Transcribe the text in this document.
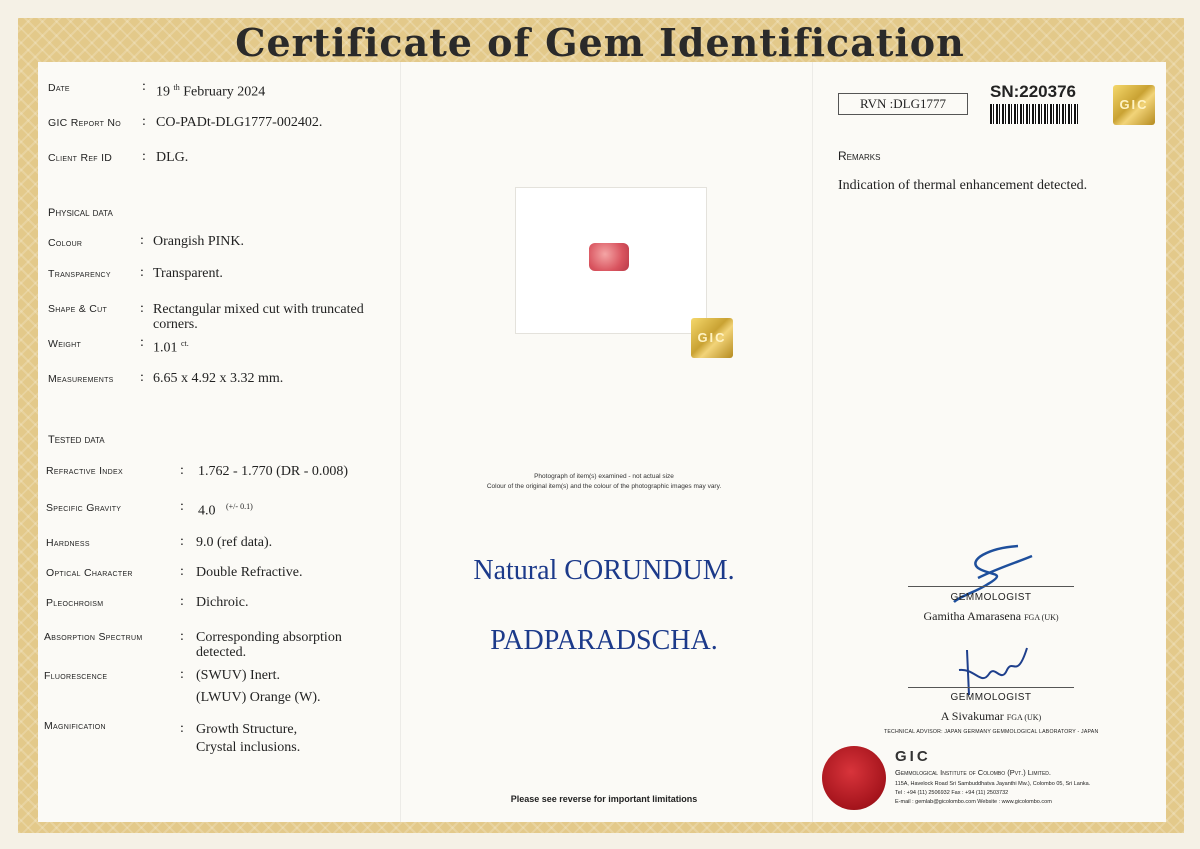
Certificate of Gem Identification
Date	: 19 $^{th}$ February 2024
GIC Report No : CO-PADt-DLG1777-002402.
Client Ref ID : DLG.
Physical data
Colour	: Orangish PINK.
Transparency : Transparent.
Shape & Cut : Rectangular mixed cut with truncated corners.
Weight	: 1.01 $^{ct.}$
Measurements : 6.65 x 4.92 x 3.32 mm.
Tested data
Refractive Index	: 1.762 - 1.770 (DR - 0.008)
Specific Gravity	: 4.0 $^{(+/- 0.1)}$
Hardness	: 9.0 (ref data).
Optical Character	: Double Refractive.
Pleochroism	: Dichroic.
Absorption Spectrum	: Corresponding absorption detected.
Fluorescence	: (SWUV) Inert.
(LWUV) Orange (W).
Magnification	: Growth Structure,
Crystal inclusions.
GIC
Photograph of item(s) examined - not actual size
Colour of the original item(s) and the colour of the photographic images may vary.
Natural CORUNDUM.
PADPARADSCHA.
Please see reverse for important limitations
RVN :DLG1777
SN:220376
GIC
Remarks
Indication of thermal enhancement detected.
GEMMOLOGIST
Gamitha Amarasena FGA (UK)
GEMMOLOGIST
A Sivakumar FGA (UK)
TECHNICAL ADVISOR: JAPAN GERMANY GEMMOLOGICAL LABORATORY - JAPAN
GIC
Gemmological Institute of Colombo (Pvt.) Limited.
115A, Havelock Road Sri Sambuddhatva Jayanthi Mw.), Colombo 05, Sri Lanka.
Tel : +94 (11) 2506932 Fax : +94 (11) 2503732
E-mail : gemlab@gicolombo.com Website : www.gicolombo.com
